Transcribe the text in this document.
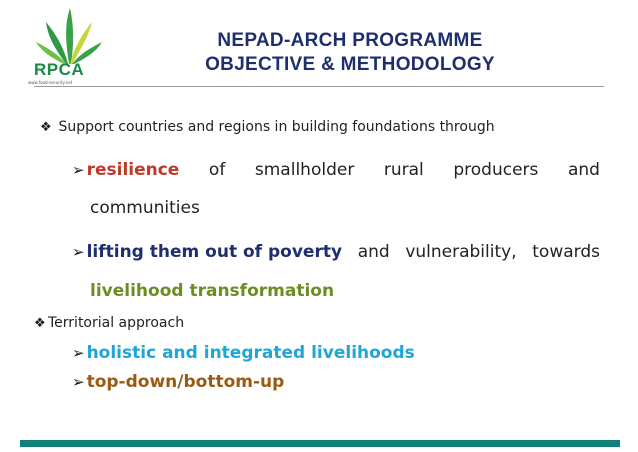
RPCA
www.food-security.net
NEPAD-ARCH PROGRAMME
OBJECTIVE & METHODOLOGY
❖ Support countries and regions in building foundations through
➢ resilience of smallholder rural producers and
communities
➢ lifting them out of poverty and vulnerability, towards
livelihood transformation
❖ Territorial approach
➢ holistic and integrated livelihoods
➢ top-down/bottom-up
